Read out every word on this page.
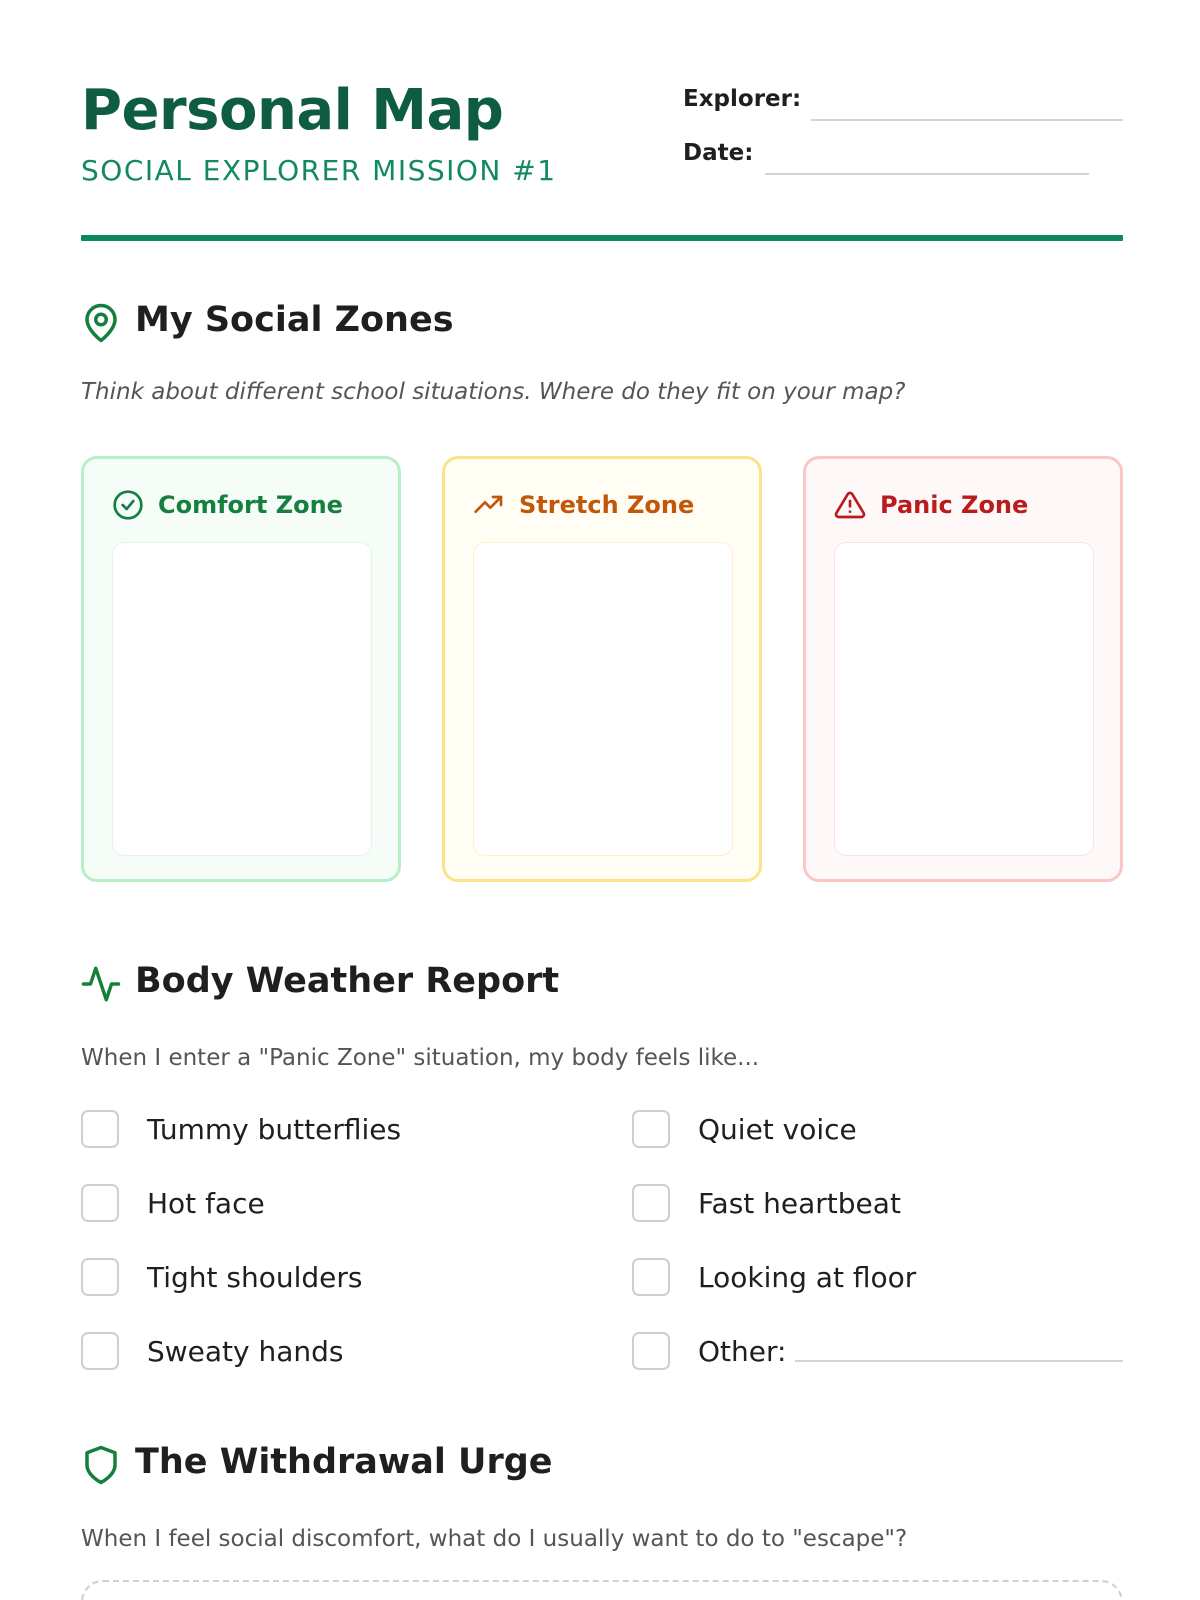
Personal Map
SOCIAL EXPLORER MISSION #1
Explorer:
Date:
My Social Zones
Think about different school situations. Where do they fit on your map?
Comfort Zone	Stretch Zone	Panic Zone
Body Weather Report
When I enter a "Panic Zone" situation, my body feels like...
Tummy butterflies
Hot face
Tight shoulders
Sweaty hands
Quiet voice
Fast heartbeat
Looking at floor
Other:
The Withdrawal Urge
When I feel social discomfort, what do I usually want to do to "escape"?
